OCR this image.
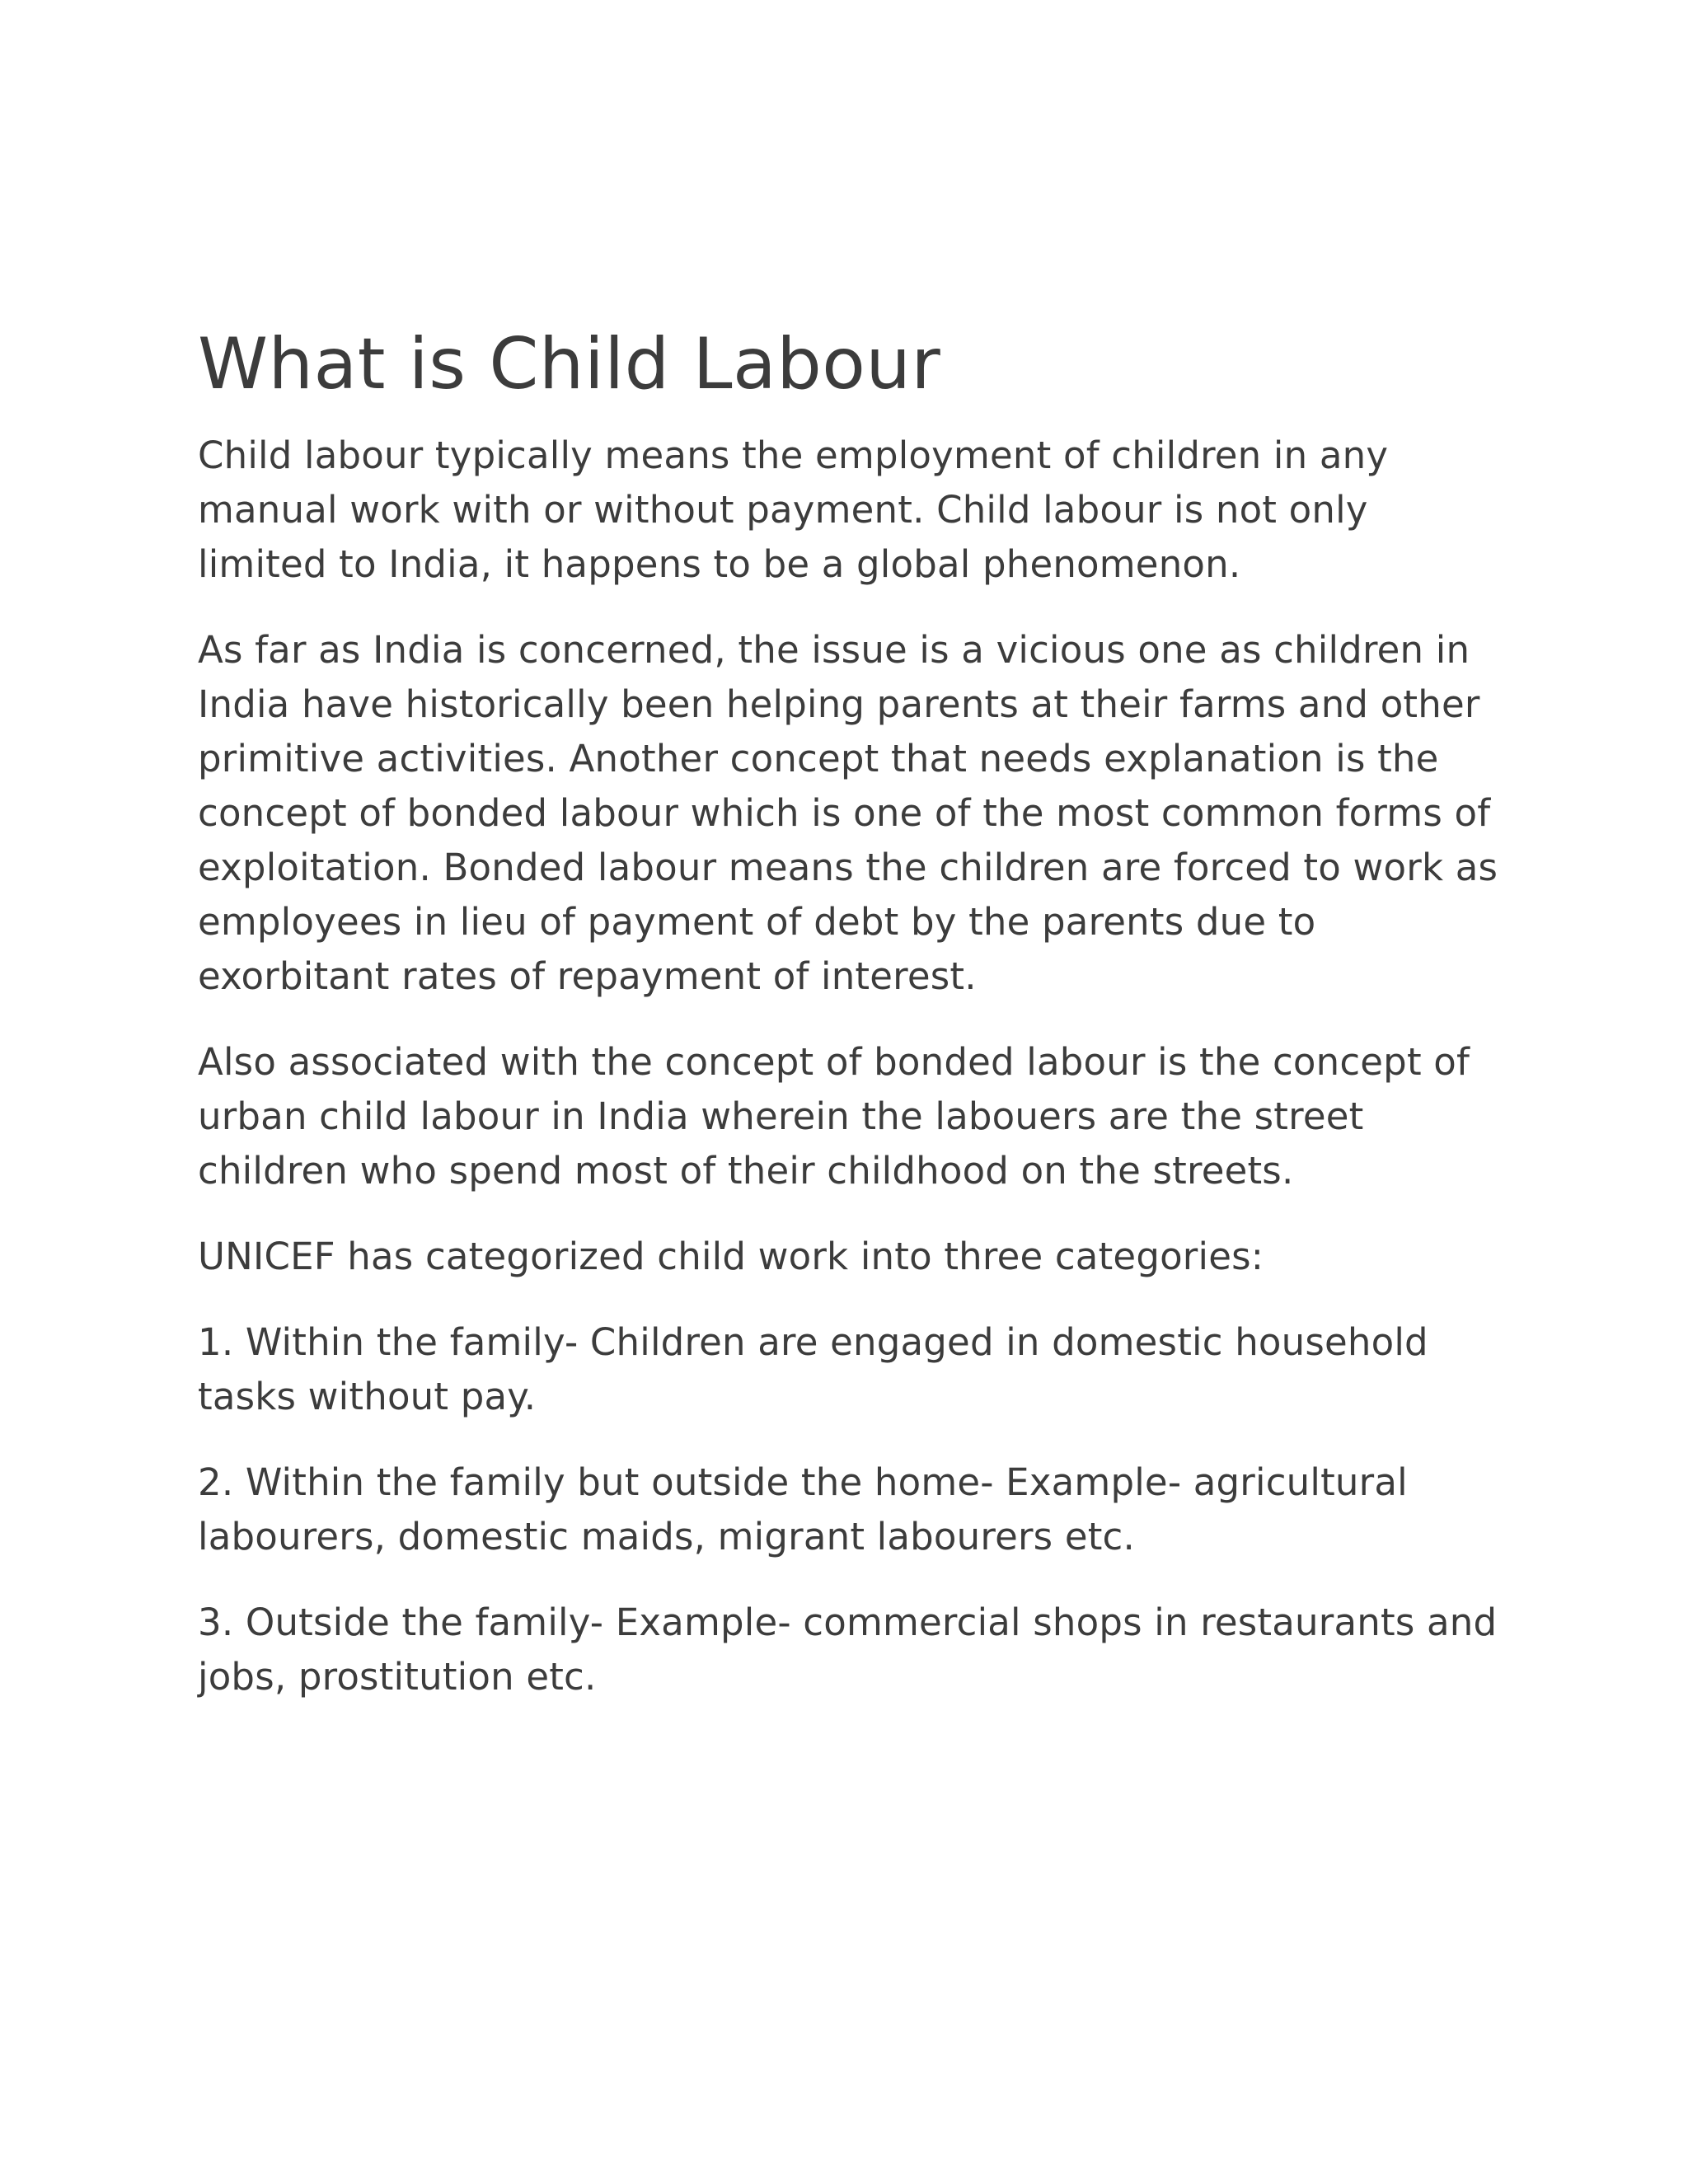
What is Child Labour

Child labour typically means the employment of children in any manual work with or without payment. Child labour is not only limited to India, it happens to be a global phenomenon.

As far as India is concerned, the issue is a vicious one as children in India have historically been helping parents at their farms and other primitive activities. Another concept that needs explanation is the concept of bonded labour which is one of the most common forms of exploitation. Bonded labour means the children are forced to work as employees in lieu of payment of debt by the parents due to exorbitant rates of repayment of interest.

Also associated with the concept of bonded labour is the concept of urban child labour in India wherein the labouers are the street children who spend most of their childhood on the streets.

UNICEF has categorized child work into three categories:

1. Within the family- Children are engaged in domestic household tasks without pay.

2. Within the family but outside the home- Example- agricultural labourers, domestic maids, migrant labourers etc.

3. Outside the family- Example- commercial shops in restaurants and jobs, prostitution etc.
